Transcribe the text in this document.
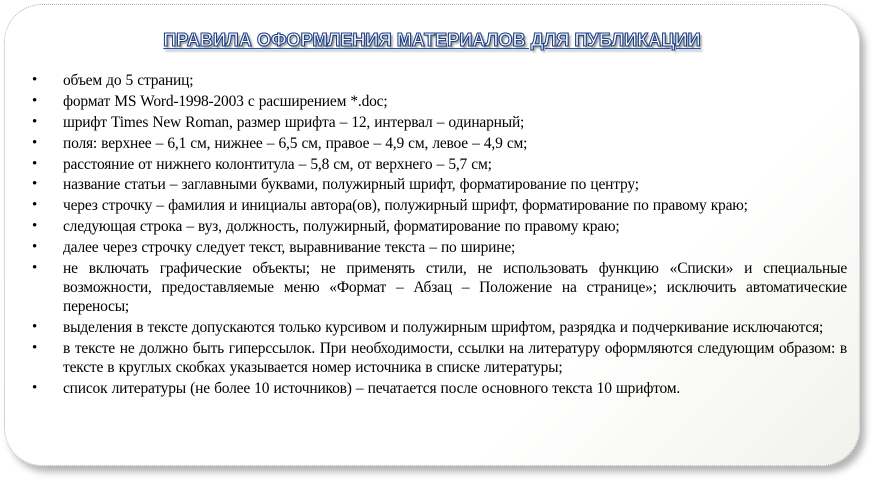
ПРАВИЛА ОФОРМЛЕНИЯ МАТЕРИАЛОВ ДЛЯ ПУБЛИКАЦИИ
• объем до 5 страниц;
• формат MS Word-1998-2003 с расширением *.doc;
• шрифт Times New Roman, размер шрифта – 12, интервал – одинарный;
• поля: верхнее – 6,1 см, нижнее – 6,5 см, правое – 4,9 см, левое – 4,9 см;
• расстояние от нижнего колонтитула – 5,8 см, от верхнего – 5,7 см;
• название статьи – заглавными буквами, полужирный шрифт, форматирование по центру;
• через строчку – фамилия и инициалы автора(ов), полужирный шрифт, форматирование по правому краю;
• следующая строка – вуз, должность, полужирный, форматирование по правому краю;
• далее через строчку следует текст, выравнивание текста – по ширине;
• не включать графические объекты; не применять стили, не использовать функцию «Списки» и специальные возможности, предоставляемые меню «Формат – Абзац – Положение на странице»; исключить автоматические переносы;
• выделения в тексте допускаются только курсивом и полужирным шрифтом, разрядка и подчеркивание исключаются;
• в тексте не должно быть гиперссылок. При необходимости, ссылки на литературу оформляются следующим образом: в тексте в круглых скобках указывается номер источника в списке литературы;
• список литературы (не более 10 источников) – печатается после основного текста 10 шрифтом.
